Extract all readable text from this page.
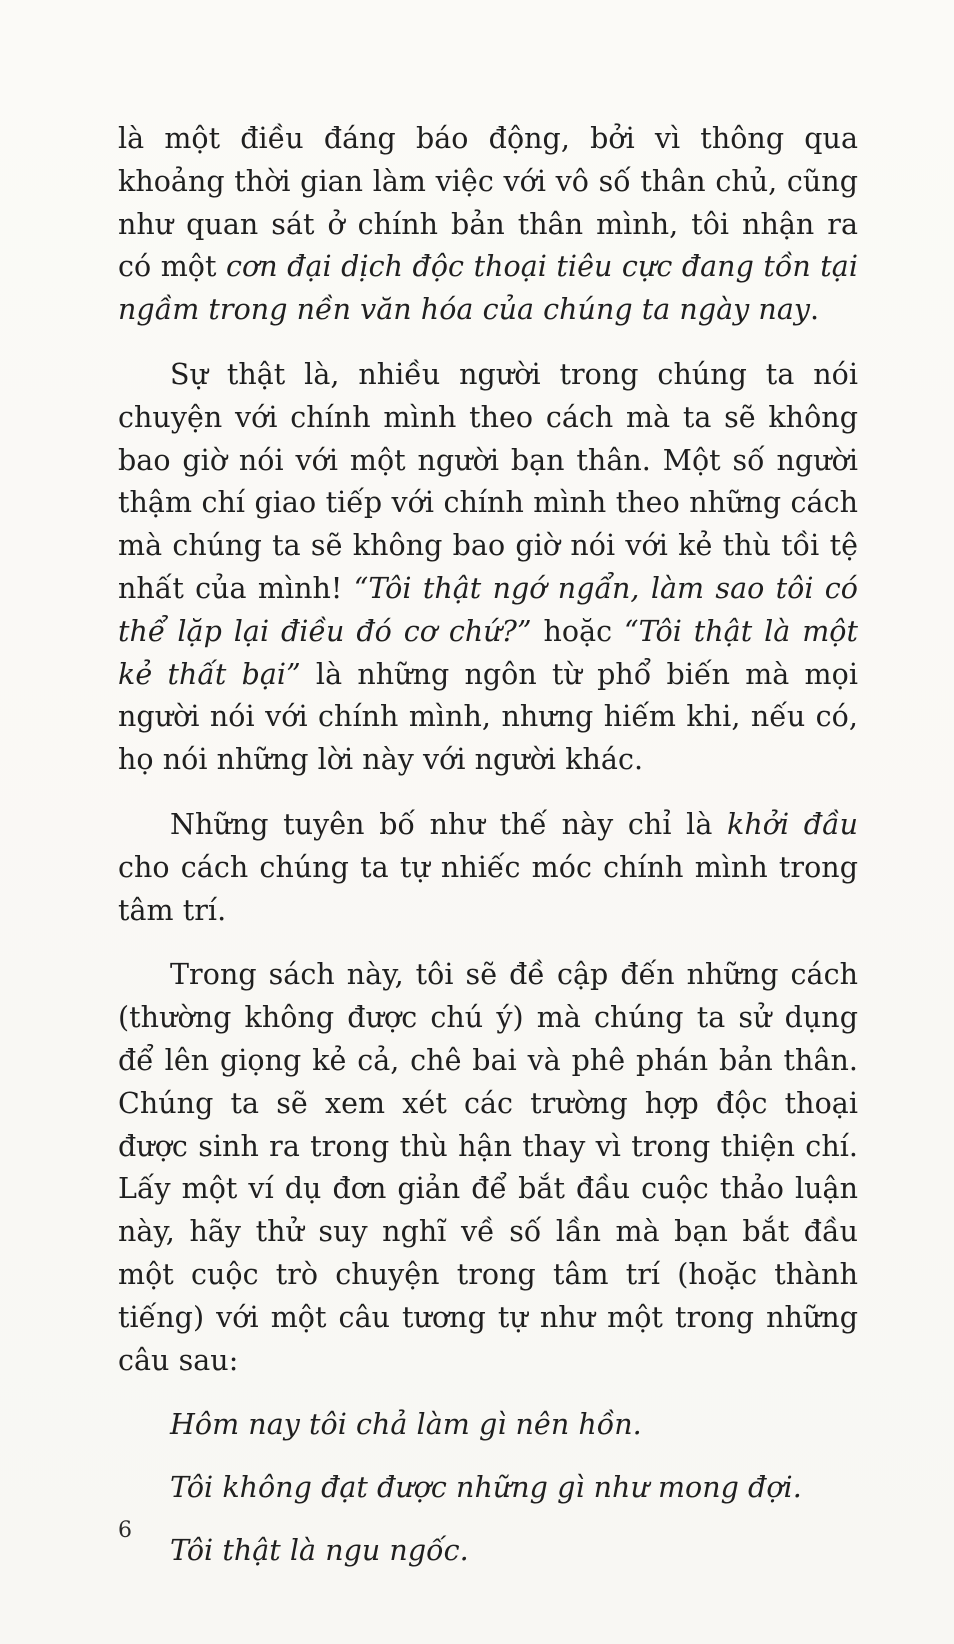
là một điều đáng báo động, bởi vì thông qua khoảng thời gian làm việc với vô số thân chủ, cũng như quan sát ở chính bản thân mình, tôi nhận ra có một cơn đại dịch độc thoại tiêu cực đang tồn tại ngầm trong nền văn hóa của chúng ta ngày nay.

Sự thật là, nhiều người trong chúng ta nói chuyện với chính mình theo cách mà ta sẽ không bao giờ nói với một người bạn thân. Một số người thậm chí giao tiếp với chính mình theo những cách mà chúng ta sẽ không bao giờ nói với kẻ thù tồi tệ nhất của mình! “Tôi thật ngớ ngẩn, làm sao tôi có thể lặp lại điều đó cơ chứ?” hoặc “Tôi thật là một kẻ thất bại” là những ngôn từ phổ biến mà mọi người nói với chính mình, nhưng hiếm khi, nếu có, họ nói những lời này với người khác.

Những tuyên bố như thế này chỉ là khởi đầu cho cách chúng ta tự nhiếc móc chính mình trong tâm trí.

Trong sách này, tôi sẽ đề cập đến những cách (thường không được chú ý) mà chúng ta sử dụng để lên giọng kẻ cả, chê bai và phê phán bản thân. Chúng ta sẽ xem xét các trường hợp độc thoại được sinh ra trong thù hận thay vì trong thiện chí. Lấy một ví dụ đơn giản để bắt đầu cuộc thảo luận này, hãy thử suy nghĩ về số lần mà bạn bắt đầu một cuộc trò chuyện trong tâm trí (hoặc thành tiếng) với một câu tương tự như một trong những câu sau:

Hôm nay tôi chả làm gì nên hồn.
Tôi không đạt được những gì như mong đợi.
Tôi thật là ngu ngốc.
6
